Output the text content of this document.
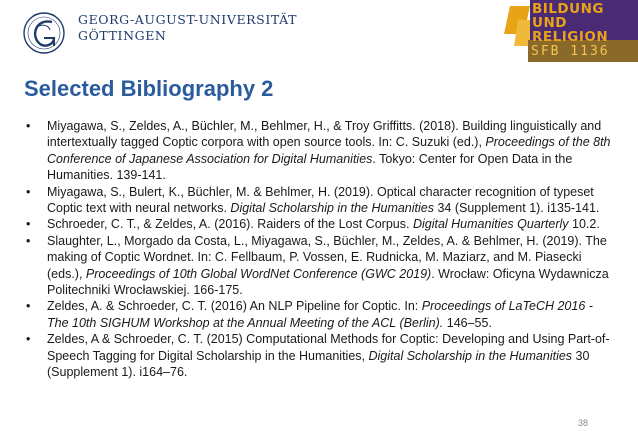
GEORG-AUGUST-UNIVERSITÄT
GÖTTINGEN
BILDUNG
UND
RELIGION
SFB 1136
Selected Bibliography 2
• Miyagawa, S., Zeldes, A., Büchler, M., Behlmer, H., & Troy Griffitts. (2018). Building linguistically and intertextually tagged Coptic corpora with open source tools. In: C. Suzuki (ed.), Proceedings of the 8th Conference of Japanese Association for Digital Humanities. Tokyo: Center for Open Data in the Humanities. 139-141.
• Miyagawa, S., Bulert, K., Büchler, M. & Behlmer, H. (2019). Optical character recognition of typeset Coptic text with neural networks. Digital Scholarship in the Humanities 34 (Supplement 1). i135-141.
• Schroeder, C. T., & Zeldes, A. (2016). Raiders of the Lost Corpus. Digital Humanities Quarterly 10.2.
• Slaughter, L., Morgado da Costa, L., Miyagawa, S., Büchler, M., Zeldes, A. & Behlmer, H. (2019). The making of Coptic Wordnet. In: C. Fellbaum, P. Vossen, E. Rudnicka, M. Maziarz, and M. Piasecki (eds.), Proceedings of 10th Global WordNet Conference (GWC 2019). Wrocław: Oficyna Wydawnicza Politechniki Wrocławskiej. 166-175.
• Zeldes, A. & Schroeder, C. T. (2016) An NLP Pipeline for Coptic. In: Proceedings of LaTeCH 2016 - The 10th SIGHUM Workshop at the Annual Meeting of the ACL (Berlin). 146–55.
• Zeldes, A & Schroeder, C. T. (2015) Computational Methods for Coptic: Developing and Using Part-of-Speech Tagging for Digital Scholarship in the Humanities, Digital Scholarship in the Humanities 30 (Supplement 1). i164–76.
38
